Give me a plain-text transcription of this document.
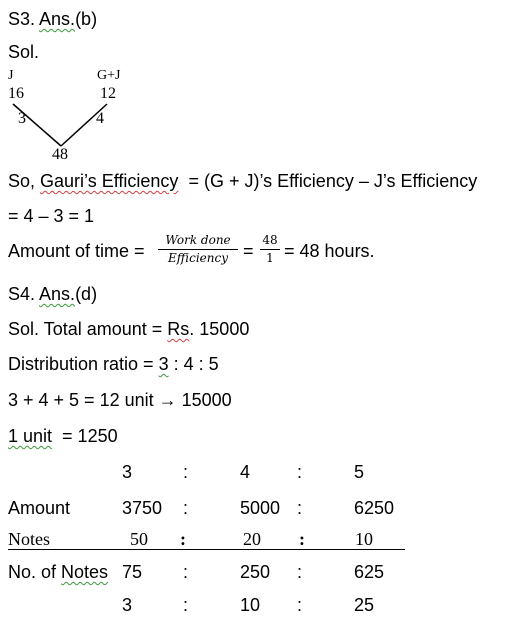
S3. Ans.(b)
Sol.
J	G+J
16	12
3	4
48
So, Gauri’s Efficiency  = (G + J)’s Efficiency – J’s Efficiency
= 4 – 3 = 1
Amount of time =
Work done
Efficiency =
48
1 = 48 hours.
S4. Ans.(d)
Sol. Total amount = Rs. 15000
Distribution ratio = 3 : 4 : 5
3 + 4 + 5 = 12 unit → 15000
1 unit  = 1250
3	:	4	:	5
Amount	3750 :	5000 :	6250
Notes	50 :	20 :	10
No. of Notes 75 :	250 :	625
3	:	10 :	25
